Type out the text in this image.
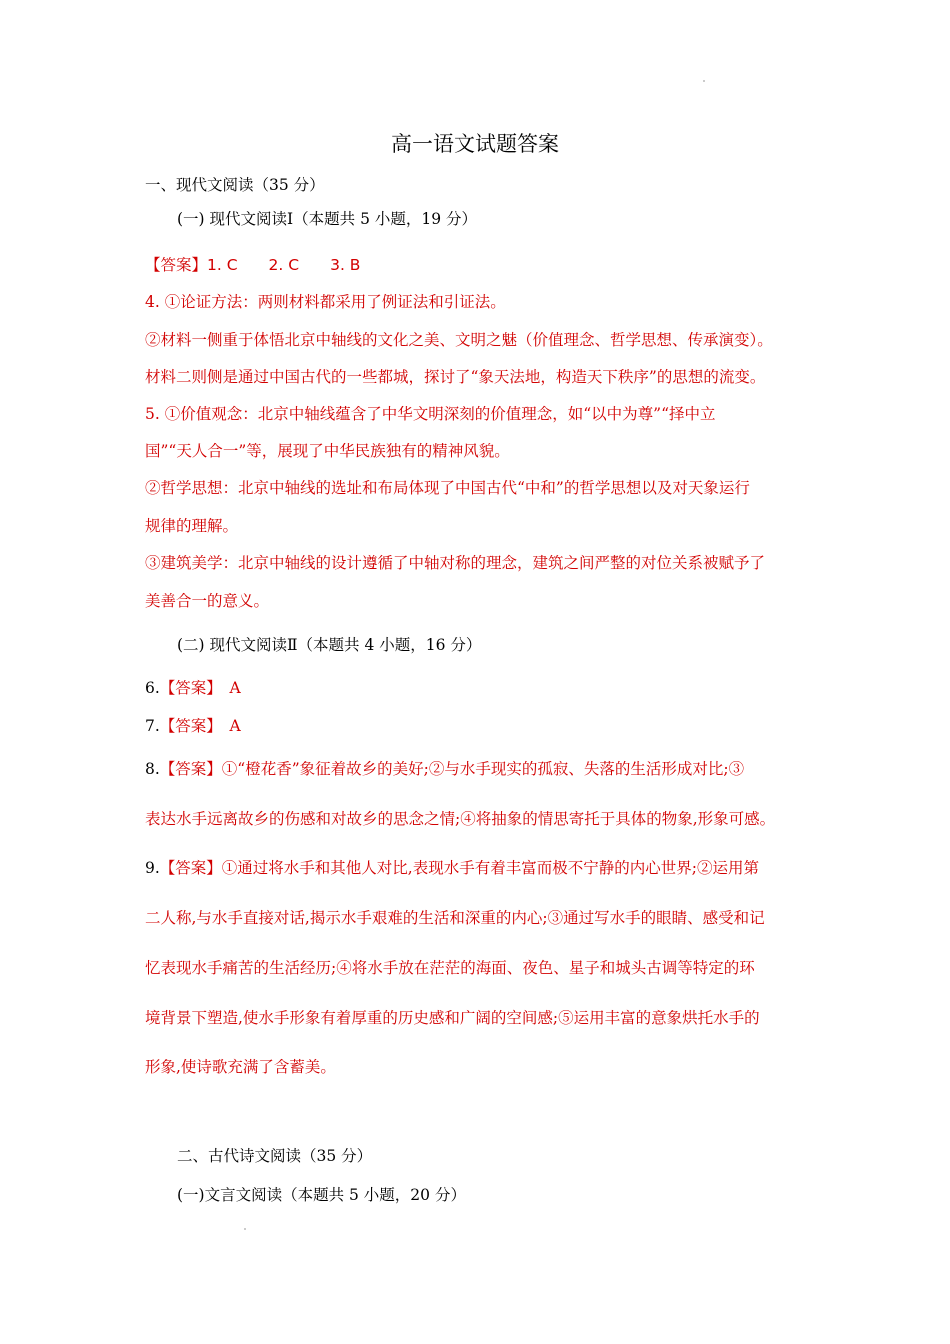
高一语文试题答案
一、现代文阅读（35 分）
(一) 现代文阅读Ⅰ（本题共 5 小题，19 分）
【答案】1. C　　2. C　　3. B
4. ①论证方法：两则材料都采用了例证法和引证法。
②材料一侧重于体悟北京中轴线的文化之美、文明之魅（价值理念、哲学思想、传承演变）。
材料二则侧是通过中国古代的一些都城，探讨了“象天法地，构造天下秩序”的思想的流变。
5. ①价值观念：北京中轴线蕴含了中华文明深刻的价值理念，如“以中为尊”“择中立
国”“天人合一”等，展现了中华民族独有的精神风貌。
②哲学思想：北京中轴线的选址和布局体现了中国古代“中和”的哲学思想以及对天象运行
规律的理解。
③建筑美学：北京中轴线的设计遵循了中轴对称的理念，建筑之间严整的对位关系被赋予了
美善合一的意义。
(二) 现代文阅读Ⅱ（本题共 4 小题，16 分）
6.【答案】　A
7.【答案】　A
8.【答案】①“橙花香”象征着故乡的美好;②与水手现实的孤寂、失落的生活形成对比;③
表达水手远离故乡的伤感和对故乡的思念之情;④将抽象的情思寄托于具体的物象,形象可感。
9.【答案】①通过将水手和其他人对比,表现水手有着丰富而极不宁静的内心世界;②运用第
二人称,与水手直接对话,揭示水手艰难的生活和深重的内心;③通过写水手的眼睛、感受和记
忆表现水手痛苦的生活经历;④将水手放在茫茫的海面、夜色、星子和城头古调等特定的环
境背景下塑造,使水手形象有着厚重的历史感和广阔的空间感;⑤运用丰富的意象烘托水手的
形象,使诗歌充满了含蓄美。
二、古代诗文阅读（35 分）
(一)文言文阅读（本题共 5 小题，20 分）
